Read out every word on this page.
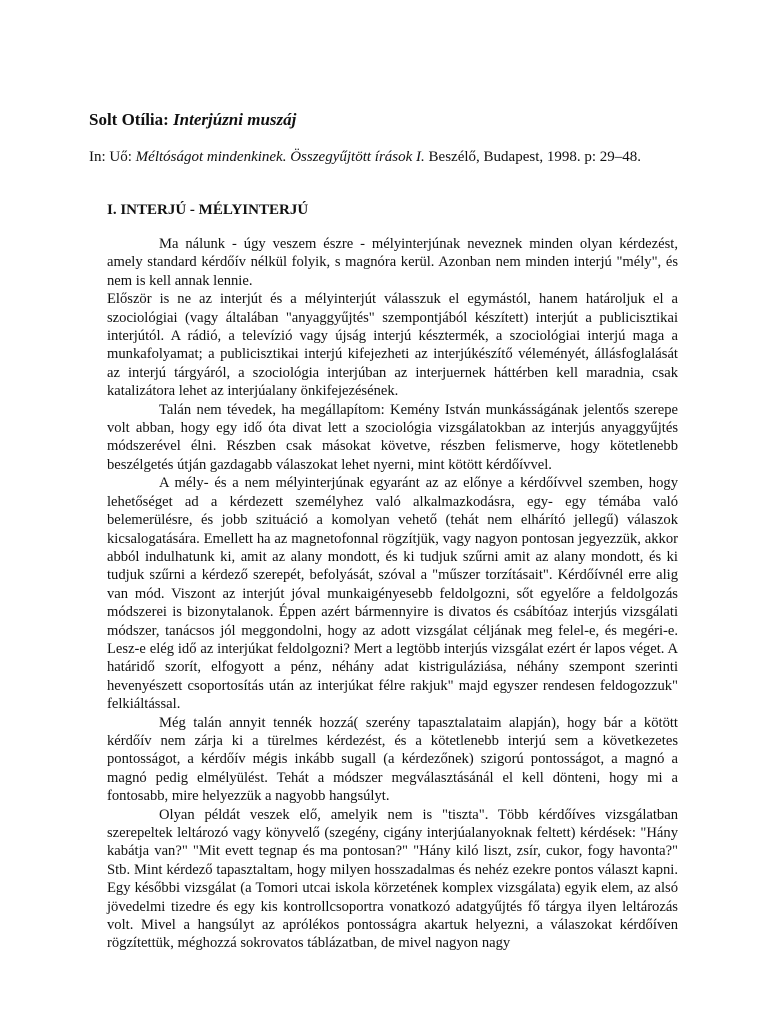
Solt Otília: Interjúzni muszáj

In: Uő: Méltóságot mindenkinek. Összegyűjtött írások I. Beszélő, Budapest, 1998. p: 29–48.

I. INTERJÚ - MÉLYINTERJÚ

Ma nálunk - úgy veszem észre - mélyinterjúnak neveznek minden olyan kérdezést, amely standard kérdőív nélkül folyik, s magnóra kerül. Azonban nem minden interjú "mély", és nem is kell annak lennie.

Először is ne az interjút és a mélyinterjút válasszuk el egymástól, hanem határoljuk el a szociológiai (vagy általában "anyaggyűjtés" szempontjából készített) interjút a publicisztikai interjútól. A rádió, a televízió vagy újság interjú késztermék, a szociológiai interjú maga a munkafolyamat; a publicisztikai interjú kifejezheti az interjúkészítő véleményét, állásfoglalását az interjú tárgyáról, a szociológia interjúban az interjuernek háttérben kell maradnia, csak katalizátora lehet az interjúalany önkifejezésének.

Talán nem tévedek, ha megállapítom: Kemény István munkásságának jelentős szerepe volt abban, hogy egy idő óta divat lett a szociológia vizsgálatokban az interjús anyaggyűjtés módszerével élni. Részben csak másokat követve, részben felismerve, hogy kötetlenebb beszélgetés útján gazdagabb válaszokat lehet nyerni, mint kötött kérdőívvel.

A mély- és a nem mélyinterjúnak egyaránt az az előnye a kérdőívvel szemben, hogy lehetőséget ad a kérdezett személyhez való alkalmazkodásra, egy- egy témába való belemerülésre, és jobb szituáció a komolyan vehető (tehát nem elhárító jellegű) válaszok kicsalogatására. Emellett ha az magnetofonnal rögzítjük, vagy nagyon pontosan jegyezzük, akkor abból indulhatunk ki, amit az alany mondott, és ki tudjuk szűrni amit az alany mondott, és ki tudjuk szűrni a kérdező szerepét, befolyását, szóval a "műszer torzításait". Kérdőívnél erre alig van mód. Viszont az interjút jóval munkaigényesebb feldolgozni, sőt egyelőre a feldolgozás módszerei is bizonytalanok. Éppen azért bármennyire is divatos és csábítóaz interjús vizsgálati módszer, tanácsos jól meggondolni, hogy az adott vizsgálat céljának meg felel-e, és megéri-e. Lesz-e elég idő az interjúkat feldolgozni? Mert a legtöbb interjús vizsgálat ezért ér lapos véget. A határidő szorít, elfogyott a pénz, néhány adat kistriguláziása, néhány szempont szerinti hevenyészett csoportosítás után az interjúkat félre rakjuk" majd egyszer rendesen feldogozzuk" felkiáltással.

Még talán annyit tennék hozzá( szerény tapasztalataim alapján), hogy bár a kötött kérdőív nem zárja ki a türelmes kérdezést, és a kötetlenebb interjú sem a következetes pontosságot, a kérdőív mégis inkább sugall (a kérdezőnek) szigorú pontosságot, a magnó a magnó pedig elmélyülést. Tehát a módszer megválasztásánál el kell dönteni, hogy mi a fontosabb, mire helyezzük a nagyobb hangsúlyt.

Olyan példát veszek elő, amelyik nem is "tiszta". Több kérdőíves vizsgálatban szerepeltek leltározó vagy könyvelő (szegény, cigány interjúalanyoknak feltett) kérdések: "Hány kabátja van?" "Mit evett tegnap és ma pontosan?" "Hány kiló liszt, zsír, cukor, fogy havonta?" Stb. Mint kérdező tapasztaltam, hogy milyen hosszadalmas és nehéz ezekre pontos választ kapni. Egy későbbi vizsgálat (a Tomori utcai iskola körzetének komplex vizsgálata) egyik elem, az alsó jövedelmi tizedre és egy kis kontrollcsoportra vonatkozó adatgyűjtés fő tárgya ilyen leltározás volt. Mivel a hangsúlyt az aprólékos pontosságra akartuk helyezni, a válaszokat kérdőíven rögzítettük, méghozzá sokrovatos táblázatban, de mivel nagyon nagy
